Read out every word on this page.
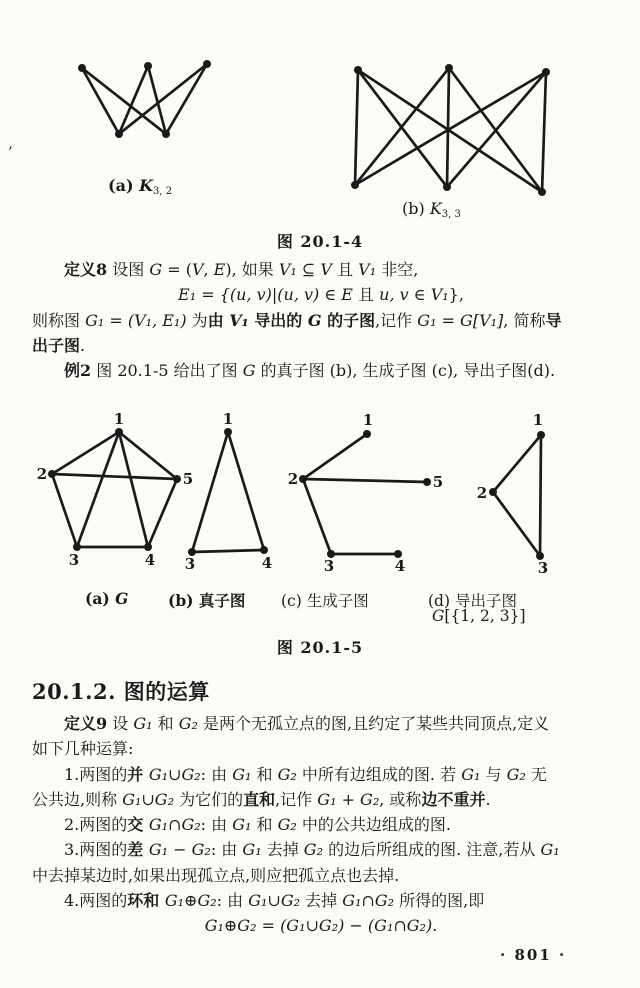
(a) K3, 2
(b) K3, 3
图 20.1-4
定义8 设图 G = (V, E), 如果 V₁ ⊆ V 且 V₁ 非空,
E₁ = {(u, v)|(u, v) ∈ E 且 u, v ∈ V₁},
则称图 G₁ = (V₁, E₁) 为由 V₁ 导出的 G 的子图,记作 G₁ = G[V₁], 简称导
出子图.
例2 图 20.1-5 给出了图 G 的真子图 (b), 生成子图 (c), 导出子图(d).
1
2	5
3	4
1
3	4
1
2	5
3	4
1
2
3
(a) G	(b) 真子图 (c) 生成子图	(d) 导出子图
G[{1, 2, 3}]
图 20.1-5
20.1.2. 图的运算
定义9 设 G₁ 和 G₂ 是两个无孤立点的图,且约定了某些共同顶点,定义
如下几种运算:
1.两图的并 G₁∪G₂: 由 G₁ 和 G₂ 中所有边组成的图. 若 G₁ 与 G₂ 无
公共边,则称 G₁∪G₂ 为它们的直和,记作 G₁ + G₂, 或称边不重并.
2.两图的交 G₁∩G₂: 由 G₁ 和 G₂ 中的公共边组成的图.
3.两图的差 G₁ − G₂: 由 G₁ 去掉 G₂ 的边后所组成的图. 注意,若从 G₁
中去掉某边时,如果出现孤立点,则应把孤立点也去掉.
4.两图的环和 G₁⊕G₂: 由 G₁∪G₂ 去掉 G₁∩G₂ 所得的图,即
G₁⊕G₂ = (G₁∪G₂) − (G₁∩G₂).
· 801 ·
’
